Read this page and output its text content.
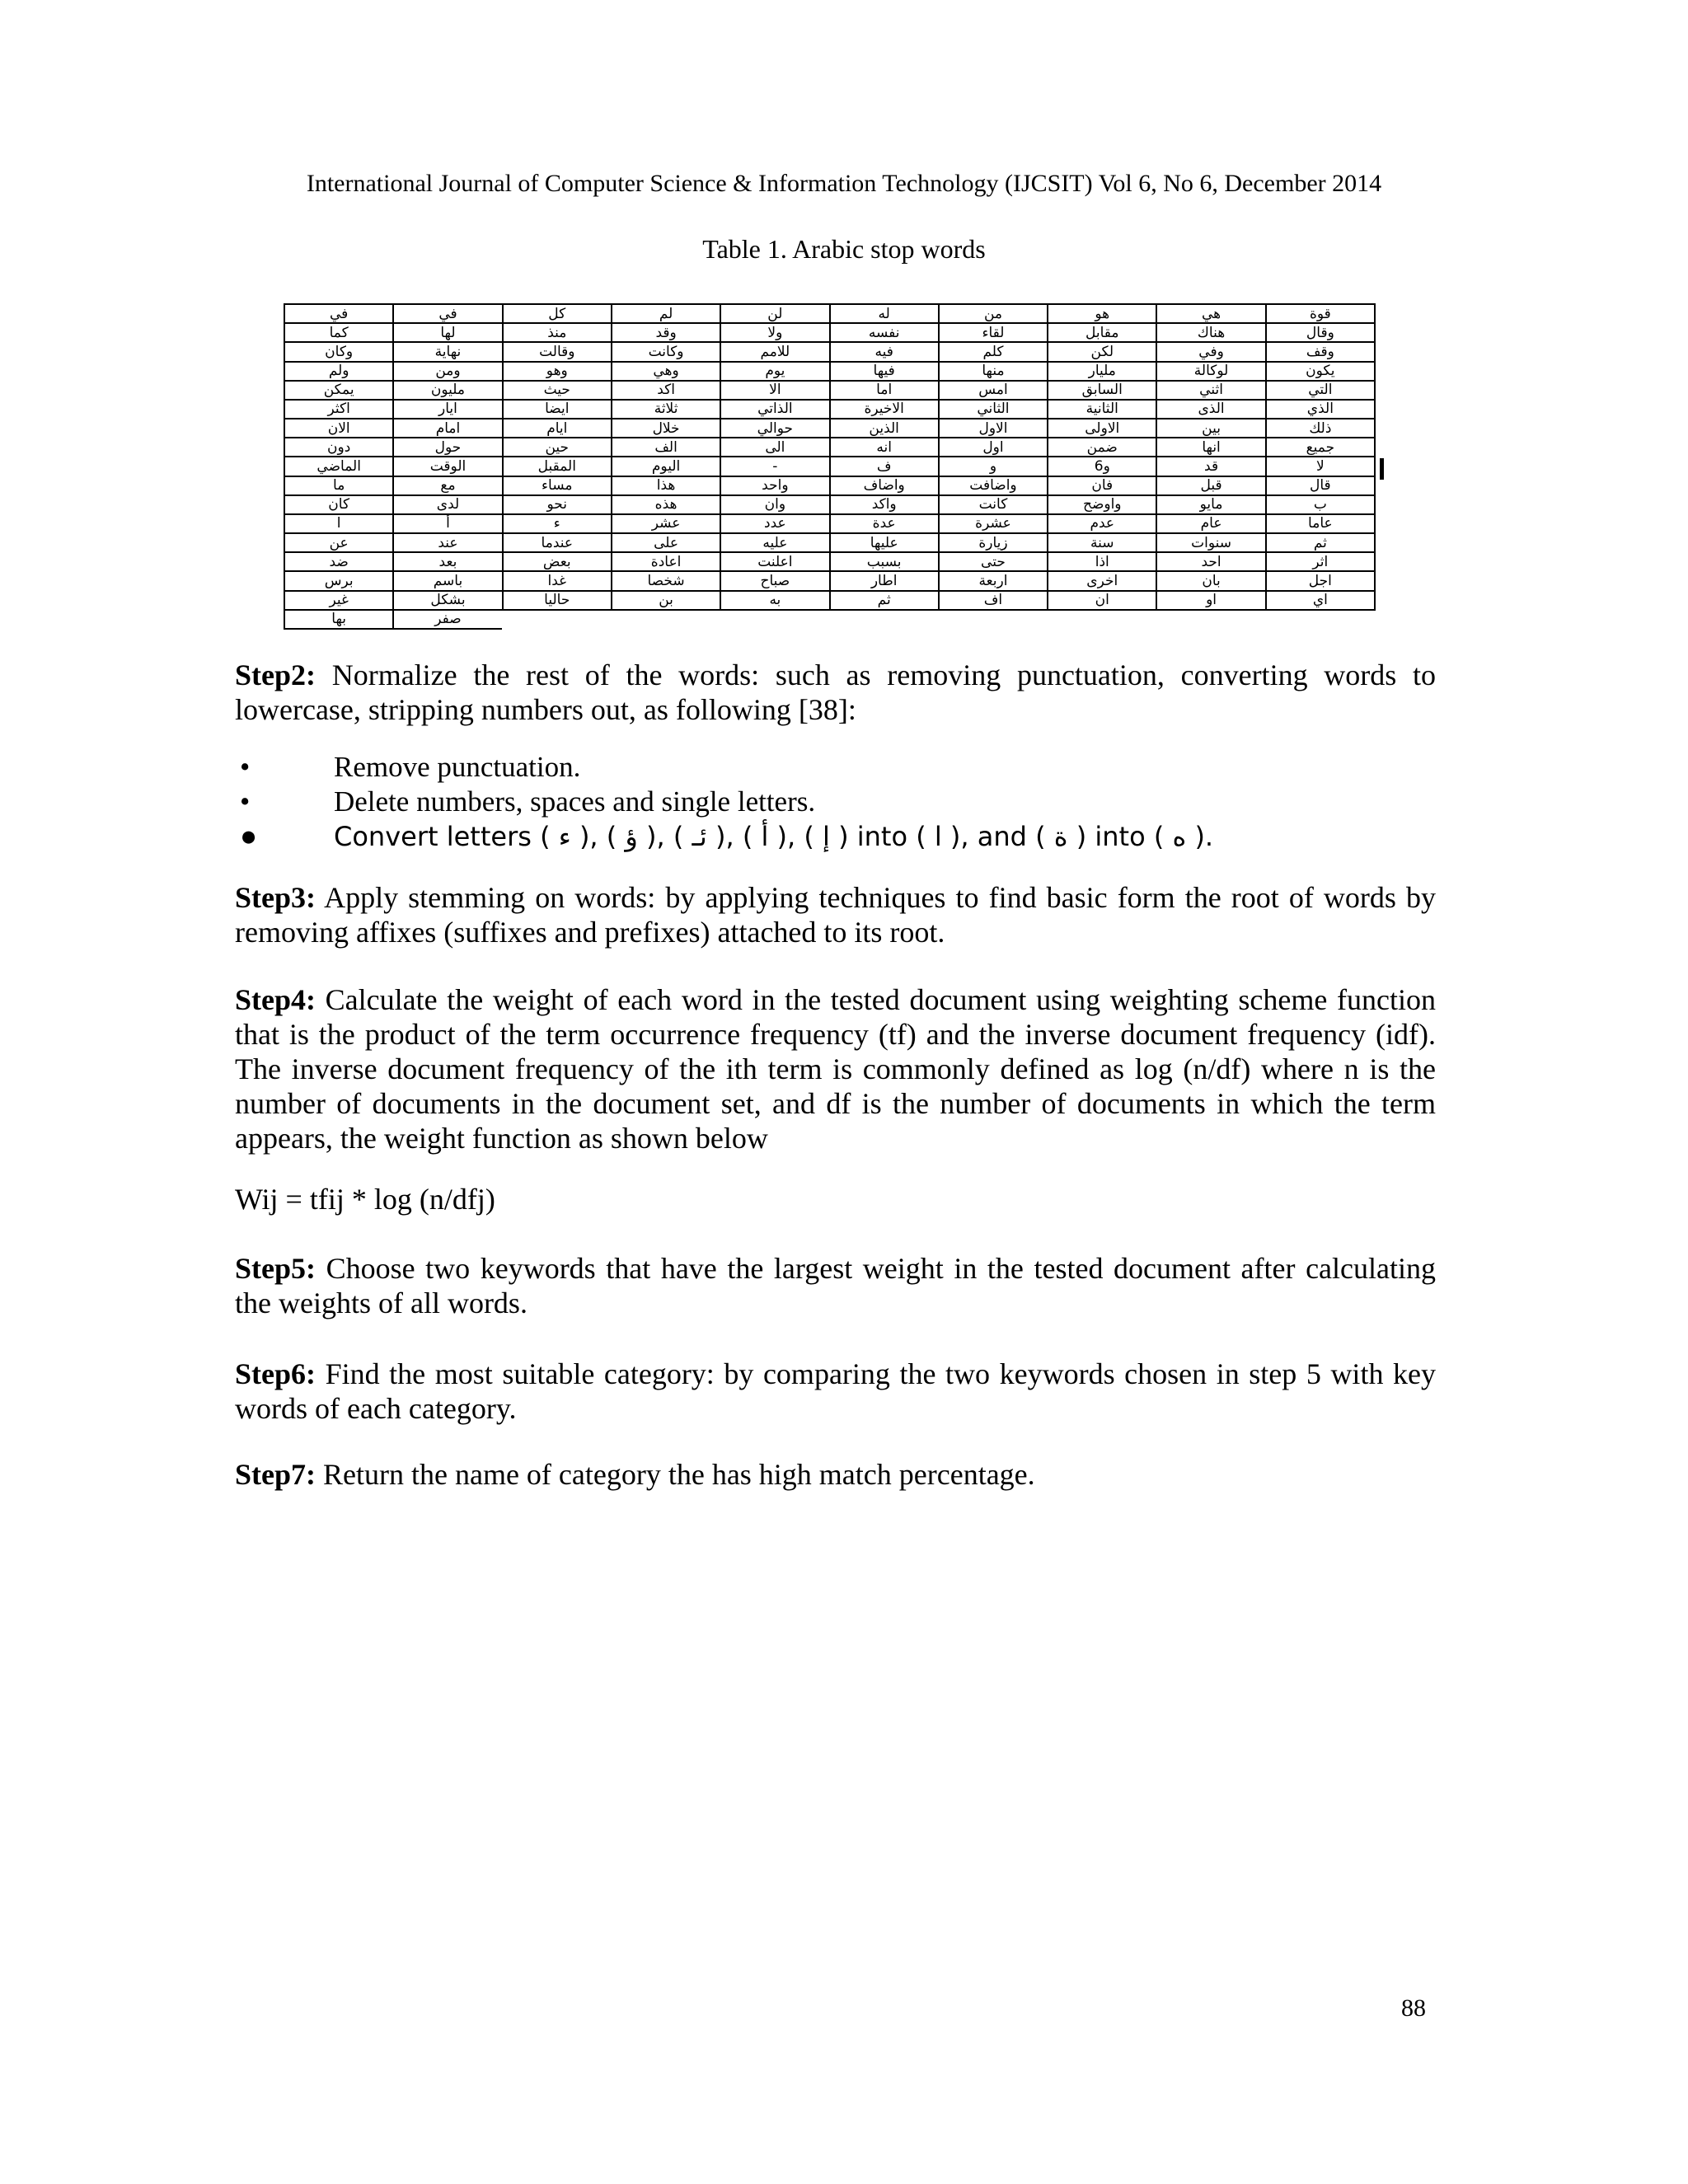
International Journal of Computer Science & Information Technology (IJCSIT) Vol 6, No 6, December 2014
Table 1. Arabic stop words
قوة	هي	هو	من	له	لن	لم	كل	في	في
وقال	هناك	مقابل	لقاء	نفسه	ولا	وقد	منذ	لها	كما
وقف	وفي	لكن	كلم	فيه	للامم	وكانت	وقالت	نهاية	وكان
يكون	لوكالة	مليار	منها	فيها	يوم	وهي	وهو	ومن	ولم
التي	اثني	السابق	امس	اما	الا	اكد	حيث	مليون	يمكن
الذي	الذى	الثانية	الثاني	الاخيرة	الذاتي	ثلاثة	ايضا	ايار	اكثر
ذلك	بين	الاولى	الاول	الذين	حوالي	خلال	ايام	امام	الان
جميع	انها	ضمن	اول	انه	الى	الف	حين	حول	دون
لا	قد	و6	و	ف	-	اليوم	المقبل	الوقت	الماضي
قال	قبل	فان	واضافت	واضاف	واحد	هذا	مساء	مع	ما
ب	مايو	واوضح	كانت	واكد	وان	هذه	نحو	لدى	كان
عاما	عام	عدم	عشرة	عدة	عدد	عشر	ء	أ	ا
ثم	سنوات	سنة	زيارة	عليها	عليه	على	عندما	عند	عن
اثر	احد	اذا	حتى	بسبب	اعلنت	اعادة	بعض	بعد	ضد
اجل	بان	اخرى	اربعة	اطار	صباح	شخصا	غدا	باسم	برس
اي	او	ان	اف	ثم	به	بن	حاليا	بشكل	غير
								صفر	بها
Step2: Normalize the rest of the words: such as removing punctuation, converting words to lowercase, stripping numbers out, as following [38]:
•	Remove punctuation.
•	Delete numbers, spaces and single letters.
●	Convert letters ( ء ), ( ؤ ), ( ئـ ), ( أ ), ( إ ) into ( ا ), and ( ة ) into ( ه ).
Step3: Apply stemming on words: by applying techniques to find basic form the root of words by removing affixes (suffixes and prefixes) attached to its root.
Step4: Calculate the weight of each word in the tested document using weighting scheme function that is the product of the term occurrence frequency (tf) and the inverse document frequency (idf). The inverse document frequency of the ith term is commonly defined as log (n/df) where n is the number of documents in the document set, and df is the number of documents in which the term appears, the weight function as shown below
Wij = tfij * log (n/dfj)
Step5: Choose two keywords that have the largest weight in the tested document after calculating the weights of all words.
Step6: Find the most suitable category: by comparing the two keywords chosen in step 5 with key words of each category.
Step7: Return the name of category the has high match percentage.
88
